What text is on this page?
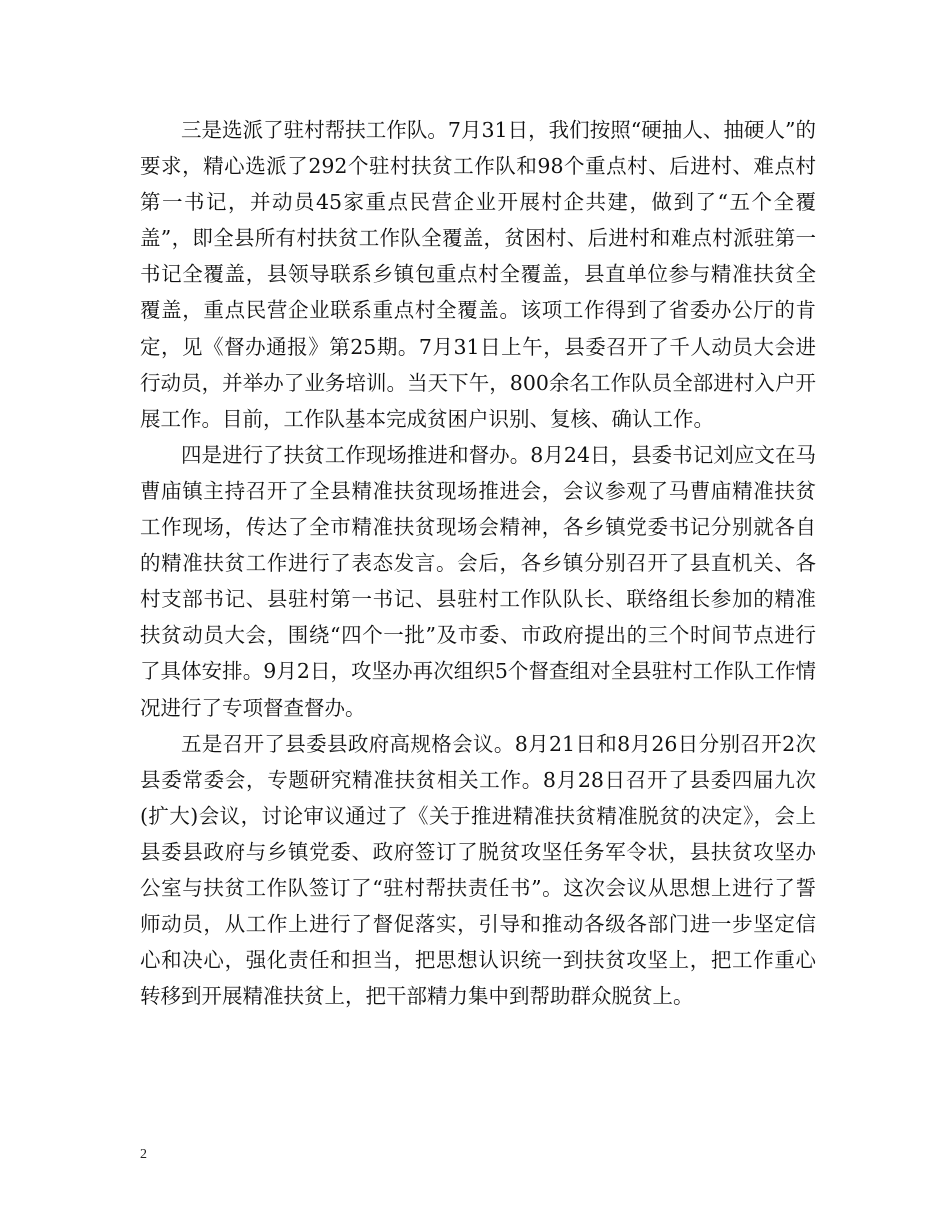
三是选派了驻村帮扶工作队。7月31日，我们按照“硬抽人、抽硬人”的要求，精心选派了292个驻村扶贫工作队和98个重点村、后进村、难点村第一书记，并动员45家重点民营企业开展村企共建，做到了“五个全覆盖”，即全县所有村扶贫工作队全覆盖，贫困村、后进村和难点村派驻第一书记全覆盖，县领导联系乡镇包重点村全覆盖，县直单位参与精准扶贫全覆盖，重点民营企业联系重点村全覆盖。该项工作得到了省委办公厅的肯定，见《督办通报》第25期。7月31日上午，县委召开了千人动员大会进行动员，并举办了业务培训。当天下午，800余名工作队员全部进村入户开展工作。目前，工作队基本完成贫困户识别、复核、确认工作。

四是进行了扶贫工作现场推进和督办。8月24日，县委书记刘应文在马曹庙镇主持召开了全县精准扶贫现场推进会，会议参观了马曹庙精准扶贫工作现场，传达了全市精准扶贫现场会精神，各乡镇党委书记分别就各自的精准扶贫工作进行了表态发言。会后，各乡镇分别召开了县直机关、各村支部书记、县驻村第一书记、县驻村工作队队长、联络组长参加的精准扶贫动员大会，围绕“四个一批”及市委、市政府提出的三个时间节点进行了具体安排。9月2日，攻坚办再次组织5个督查组对全县驻村工作队工作情况进行了专项督查督办。

五是召开了县委县政府高规格会议。8月21日和8月26日分别召开2次县委常委会，专题研究精准扶贫相关工作。8月28日召开了县委四届九次(扩大)会议，讨论审议通过了《关于推进精准扶贫精准脱贫的决定》，会上县委县政府与乡镇党委、政府签订了脱贫攻坚任务军令状，县扶贫攻坚办公室与扶贫工作队签订了“驻村帮扶责任书”。这次会议从思想上进行了誓师动员，从工作上进行了督促落实，引导和推动各级各部门进一步坚定信心和决心，强化责任和担当，把思想认识统一到扶贫攻坚上，把工作重心转移到开展精准扶贫上，把干部精力集中到帮助群众脱贫上。

2
